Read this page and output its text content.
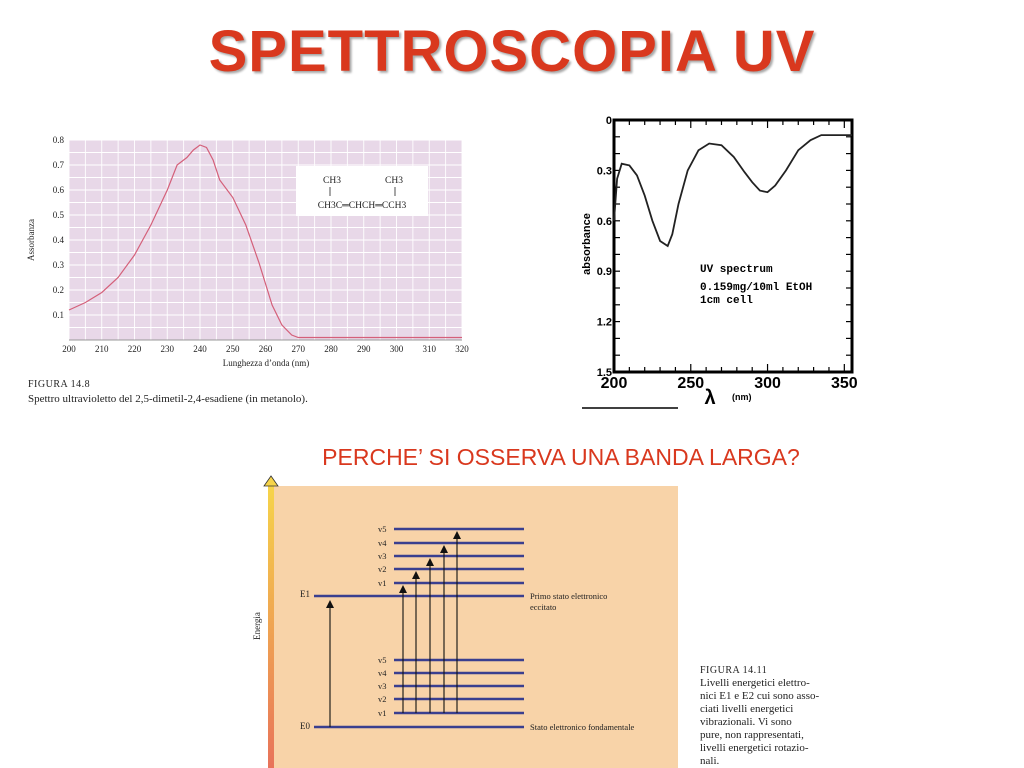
SPETTROSCOPIA UV
200 210 220 230 240 250 260 270 280 290 300 310 320
0.1
0.2
0.3
0.4
0.5
0.6
0.7
0.8
Lunghezza d’onda (nm)
Assorbanza
CH3	CH3
CH3C═CHCH═CCH3
FIGURA 14.8
Spettro ultravioletto del 2,5-dimetil-2,4-esadiene (in metanolo).
200	250	300	350
0
0.3
0.6
0.9
1.2
1.5
absorbance
λ (nm)
UV spectrum
0.159mg/10ml EtOH
1cm cell
PERCHE’ SI OSSERVA UNA BANDA LARGA?
Energia
v1
v2
v3
v4
v5
v1
v2
v3
v4
v5
E1
E0
Primo stato elettronico
eccitato
Stato elettronico fondamentale
FIGURA 14.11
Livelli energetici elettro-
nici E1 e E2 cui sono asso-
ciati livelli energetici
vibrazionali. Vi sono
pure, non rappresentati,
livelli energetici rotazio-
nali.
